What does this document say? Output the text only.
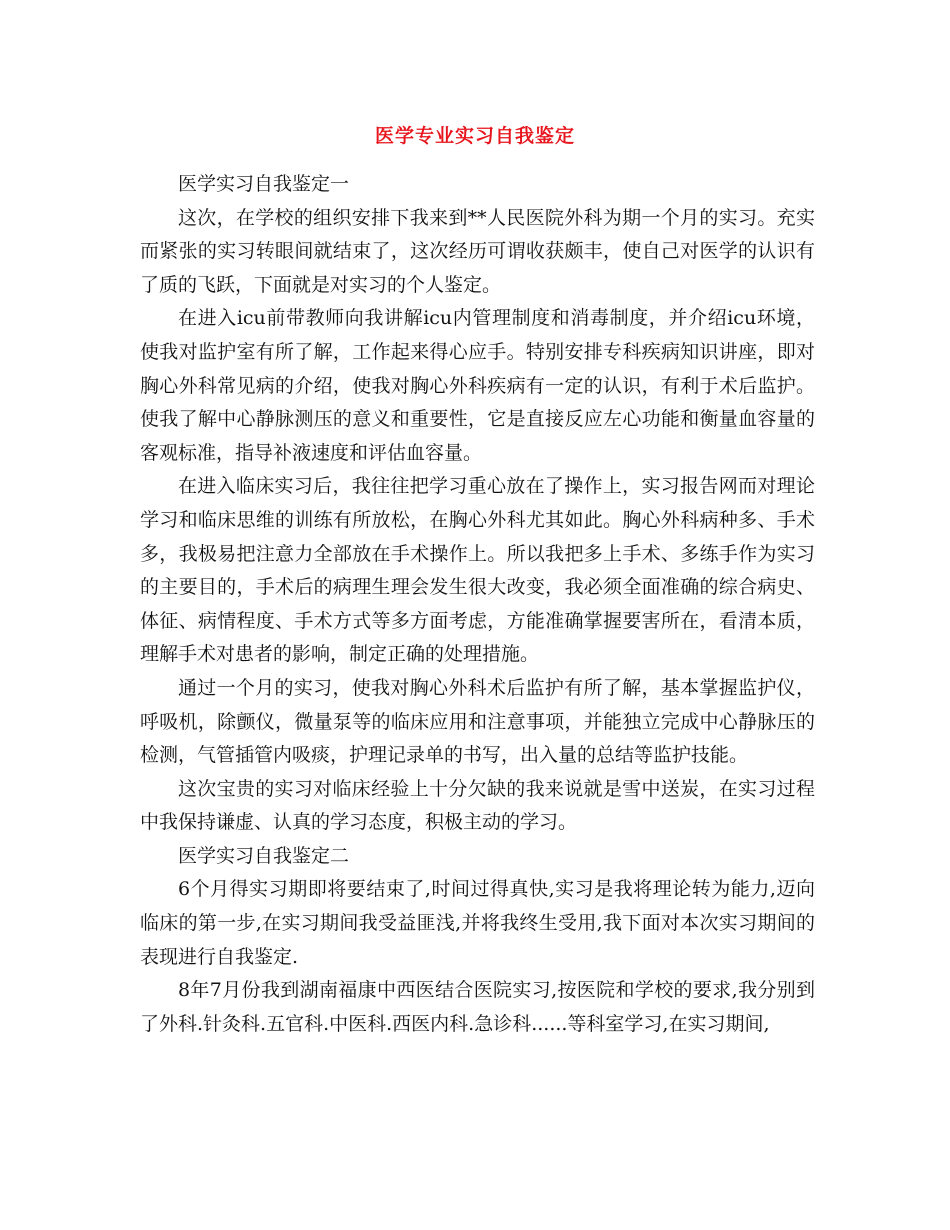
医学专业实习自我鉴定

医学实习自我鉴定一

这次，在学校的组织安排下我来到**人民医院外科为期一个月的实习。充实而紧张的实习转眼间就结束了，这次经历可谓收获颇丰，使自己对医学的认识有了质的飞跃，下面就是对实习的个人鉴定。

在进入icu前带教师向我讲解icu内管理制度和消毒制度，并介绍icu环境，使我对监护室有所了解，工作起来得心应手。特别安排专科疾病知识讲座，即对胸心外科常见病的介绍，使我对胸心外科疾病有一定的认识，有利于术后监护。使我了解中心静脉测压的意义和重要性，它是直接反应左心功能和衡量血容量的客观标准，指导补液速度和评估血容量。

在进入临床实习后，我往往把学习重心放在了操作上，实习报告网而对理论学习和临床思维的训练有所放松，在胸心外科尤其如此。胸心外科病种多、手术多，我极易把注意力全部放在手术操作上。所以我把多上手术、多练手作为实习的主要目的，手术后的病理生理会发生很大改变，我必须全面准确的综合病史、体征、病情程度、手术方式等多方面考虑，方能准确掌握要害所在，看清本质，理解手术对患者的影响，制定正确的处理措施。

通过一个月的实习，使我对胸心外科术后监护有所了解，基本掌握监护仪，呼吸机，除颤仪，微量泵等的临床应用和注意事项，并能独立完成中心静脉压的检测，气管插管内吸痰，护理记录单的书写，出入量的总结等监护技能。

这次宝贵的实习对临床经验上十分欠缺的我来说就是雪中送炭，在实习过程中我保持谦虚、认真的学习态度，积极主动的学习。

医学实习自我鉴定二

6个月得实习期即将要结束了,时间过得真快,实习是我将理论转为能力,迈向临床的第一步,在实习期间我受益匪浅,并将我终生受用,我下面对本次实习期间的表现进行自我鉴定.

8年7月份我到湖南福康中西医结合医院实习,按医院和学校的要求,我分别到了外科.针灸科.五官科.中医科.西医内科.急诊科......等科室学习,在实习期间,
